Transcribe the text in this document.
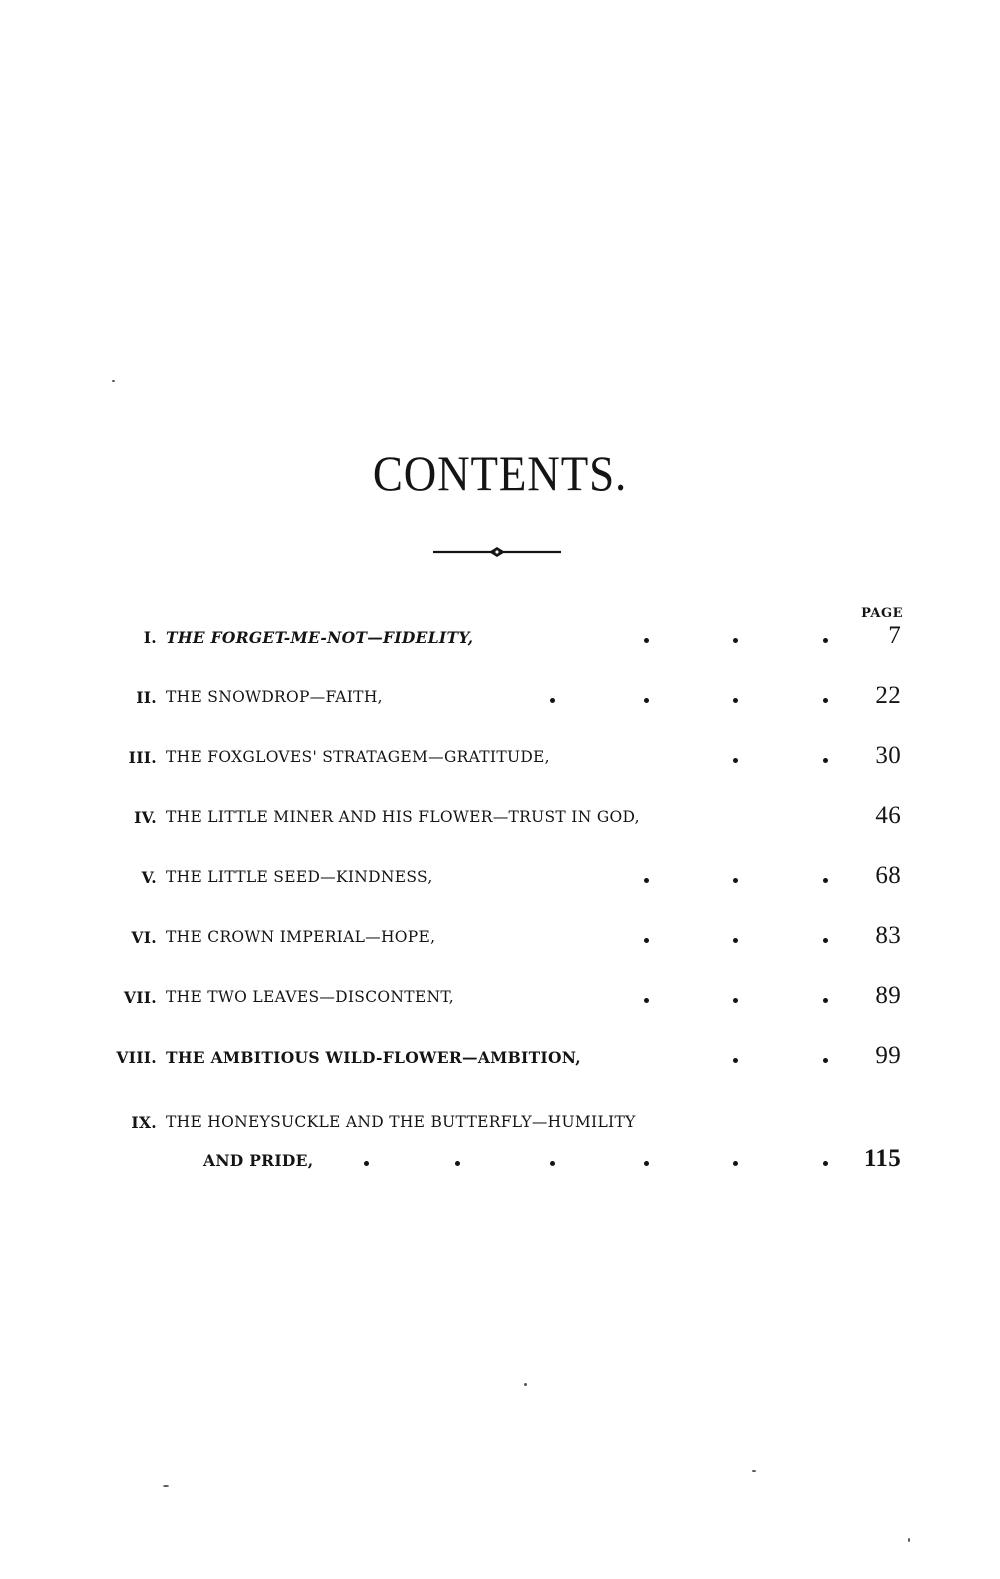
CONTENTS.
PAGE
I. THE FORGET-ME-NOT—FIDELITY,	7
II. THE SNOWDROP—FAITH,	22
III. THE FOXGLOVES' STRATAGEM—GRATITUDE,	30
IV. THE LITTLE MINER AND HIS FLOWER—TRUST IN GOD,	46
V. THE LITTLE SEED—KINDNESS,	68
VI. THE CROWN IMPERIAL—HOPE,	83
VII. THE TWO LEAVES—DISCONTENT,	89
VIII. THE AMBITIOUS WILD-FLOWER—AMBITION,	99
IX. THE HONEYSUCKLE AND THE BUTTERFLY—HUMILITY
AND PRIDE,	115
